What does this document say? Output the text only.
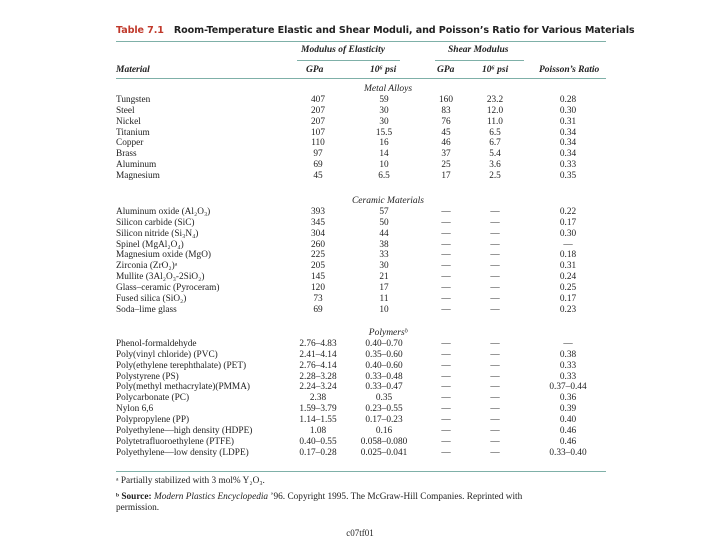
Table 7.1 Room-Temperature Elastic and Shear Moduli, and Poisson’s Ratio for Various Materials
Modulus of Elasticity	Shear Modulus
Material	GPa	10⁶ psi	GPa	10⁶ psi	Poisson’s Ratio
Metal Alloys
Tungsten	407	59	160	23.2	0.28
Steel	207	30	83	12.0	0.30
Nickel	207	30	76	11.0	0.31
Titanium	107	15.5	45	6.5	0.34
Copper	110	16	46	6.7	0.34
Brass	97	14	37	5.4	0.34
Aluminum	69	10	25	3.6	0.33
Magnesium	45	6.5	17	2.5	0.35
Ceramic Materials
Aluminum oxide (Al₂O₃)	393	57	—	—	0.22
Silicon carbide (SiC)	345	50	—	—	0.17
Silicon nitride (Si₃N₄)	304	44	—	—	0.30
Spinel (MgAl₂O₄)	260	38	—	—	—
Magnesium oxide (MgO)	225	33	—	—	0.18
Zirconia (ZrO₂)ᵃ	205	30	—	—	0.31
Mullite (3Al₂O₃-2SiO₂)	145	21	—	—	0.24
Glass–ceramic (Pyroceram)	120	17	—	—	0.25
Fused silica (SiO₂)	73	11	—	—	0.17
Soda–lime glass	69	10	—	—	0.23
Polymersᵇ
Phenol-formaldehyde	2.76–4.83	0.40–0.70	—	—	—
Poly(vinyl chloride) (PVC)	2.41–4.14	0.35–0.60	—	—	0.38
Poly(ethylene terephthalate) (PET)	2.76–4.14	0.40–0.60	—	—	0.33
Polystyrene (PS)	2.28–3.28	0.33–0.48	—	—	0.33
Poly(methyl methacrylate)(PMMA)	2.24–3.24	0.33–0.47	—	—	0.37–0.44
Polycarbonate (PC)	2.38	0.35	—	—	0.36
Nylon 6,6	1.59–3.79	0.23–0.55	—	—	0.39
Polypropylene (PP)	1.14–1.55	0.17–0.23	—	—	0.40
Polyethylene—high density (HDPE)	1.08	0.16	—	—	0.46
Polytetrafluoroethylene (PTFE)	0.40–0.55	0.058–0.080	—	—	0.46
Polyethylene—low density (LDPE)	0.17–0.28	0.025–0.041	—	—	0.33–0.40
ᵃ Partially stabilized with 3 mol% Y₂O₃.
ᵇ Source: Modern Plastics Encyclopedia ’96. Copyright 1995. The McGraw-Hill Companies. Reprinted with
permission.
c07tf01
